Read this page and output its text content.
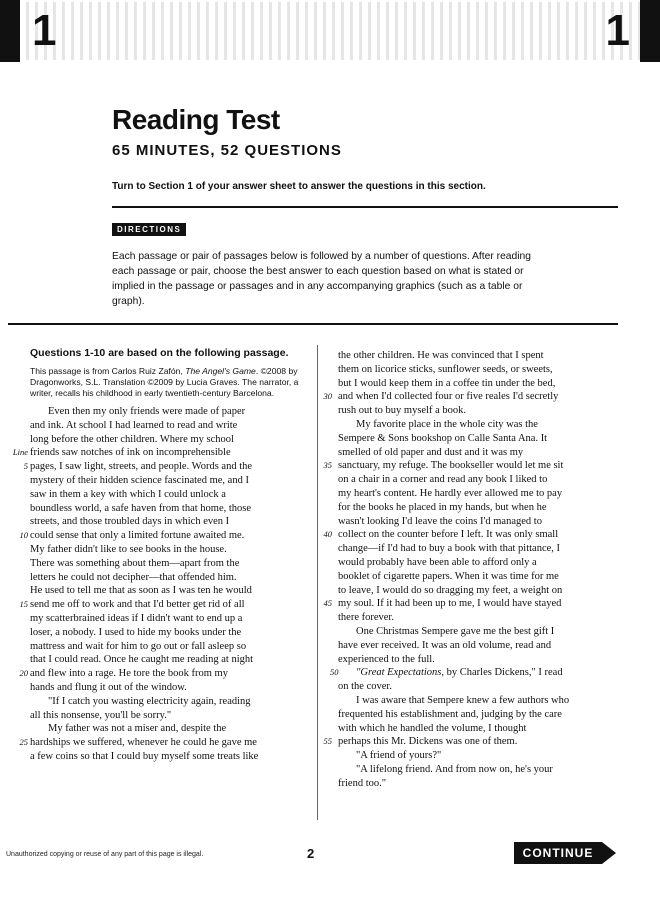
1	1
Reading Test
65 MINUTES, 52 QUESTIONS
Turn to Section 1 of your answer sheet to answer the questions in this section.
DIRECTIONS
Each passage or pair of passages below is followed by a number of questions. After reading each passage or pair, choose the best answer to each question based on what is stated or implied in the passage or passages and in any accompanying graphics (such as a table or graph).
Questions 1-10 are based on the following passage.
This passage is from Carlos Ruiz Zafón, The Angel's Game. ©2008 by Dragonworks, S.L. Translation ©2009 by Lucia Graves. The narrator, a writer, recalls his childhood in early twentieth-century Barcelona.
Even then my only friends were made of paper
and ink. At school I had learned to read and write
long before the other children. Where my school
Line friends saw notches of ink on incomprehensible
5 pages, I saw light, streets, and people. Words and the
mystery of their hidden science fascinated me, and I
saw in them a key with which I could unlock a
boundless world, a safe haven from that home, those
streets, and those troubled days in which even I
10 could sense that only a limited fortune awaited me.
My father didn't like to see books in the house.
There was something about them—apart from the
letters he could not decipher—that offended him.
He used to tell me that as soon as I was ten he would
15 send me off to work and that I'd better get rid of all
my scatterbrained ideas if I didn't want to end up a
loser, a nobody. I used to hide my books under the
mattress and wait for him to go out or fall asleep so
that I could read. Once he caught me reading at night
20 and flew into a rage. He tore the book from my
hands and flung it out of the window.
"If I catch you wasting electricity again, reading
all this nonsense, you'll be sorry."
My father was not a miser and, despite the
25 hardships we suffered, whenever he could he gave me
a few coins so that I could buy myself some treats like
the other children. He was convinced that I spent
them on licorice sticks, sunflower seeds, or sweets,
but I would keep them in a coffee tin under the bed,
30 and when I'd collected four or five reales I'd secretly
rush out to buy myself a book.
My favorite place in the whole city was the
Sempere & Sons bookshop on Calle Santa Ana. It
smelled of old paper and dust and it was my
35 sanctuary, my refuge. The bookseller would let me sit
on a chair in a corner and read any book I liked to
my heart's content. He hardly ever allowed me to pay
for the books he placed in my hands, but when he
wasn't looking I'd leave the coins I'd managed to
40 collect on the counter before I left. It was only small
change—if I'd had to buy a book with that pittance, I
would probably have been able to afford only a
booklet of cigarette papers. When it was time for me
to leave, I would do so dragging my feet, a weight on
45 my soul. If it had been up to me, I would have stayed
there forever.
One Christmas Sempere gave me the best gift I
have ever received. It was an old volume, read and
experienced to the full.
50 "Great Expectations, by Charles Dickens," I read
on the cover.
I was aware that Sempere knew a few authors who
frequented his establishment and, judging by the care
with which he handled the volume, I thought
55 perhaps this Mr. Dickens was one of them.
"A friend of yours?"
"A lifelong friend. And from now on, he's your
friend too."
Unauthorized copying or reuse of any part of this page is illegal.	2	CONTINUE
